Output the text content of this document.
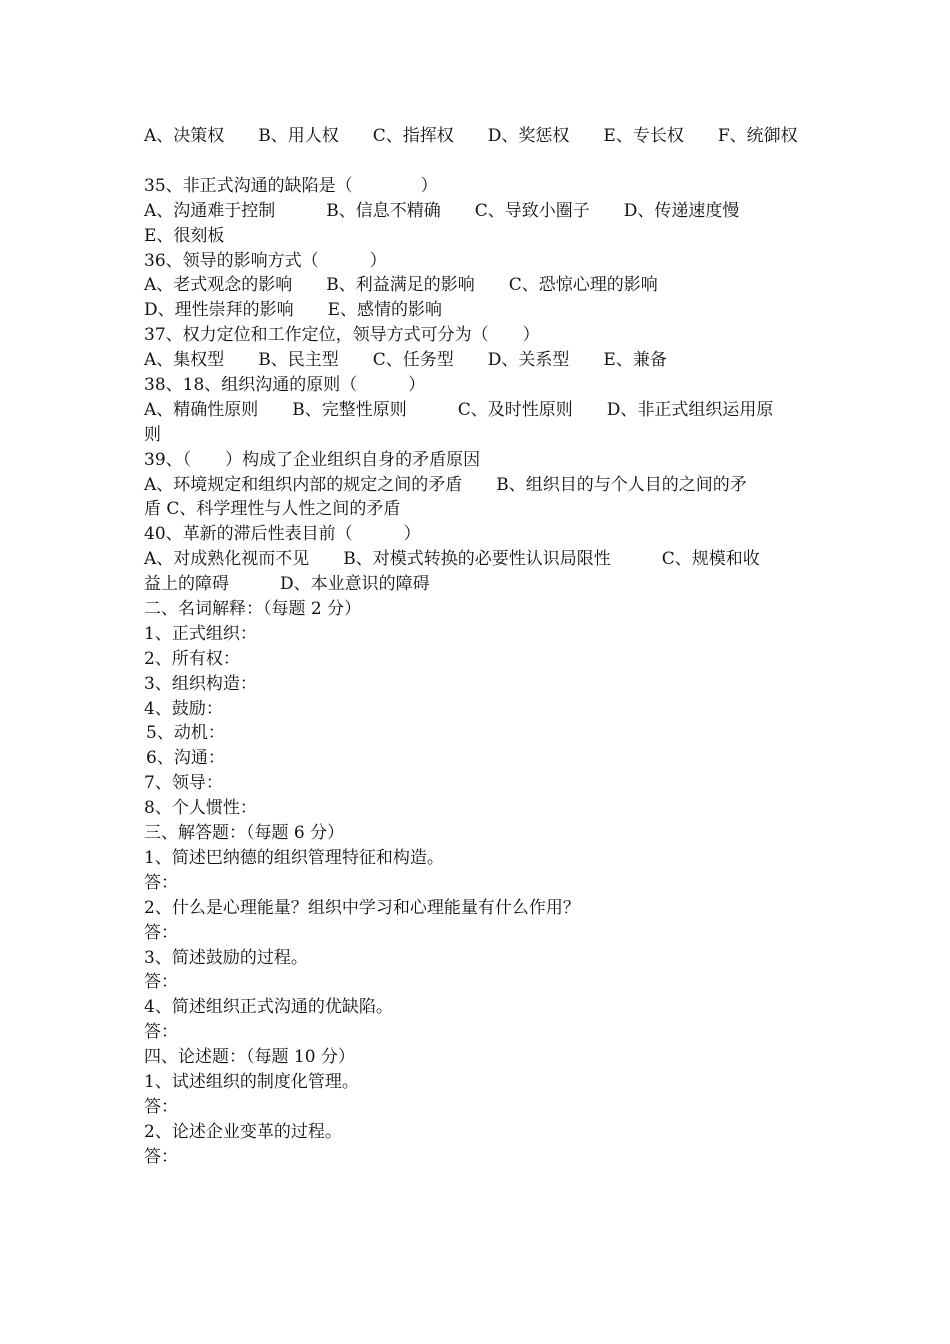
A、决策权　　B、用人权　　C、指挥权　　D、奖惩权　　E、专长权　　F、统御权
35、非正式沟通的缺陷是（　　　　）
A、沟通难于控制　　　B、信息不精确　　C、导致小圈子　　D、传递速度慢
E、很刻板
36、领导的影响方式（　　　）
A、老式观念的影响　　B、利益满足的影响　　C、恐惊心理的影响
D、理性崇拜的影响　　E、感情的影响
37、权力定位和工作定位，领导方式可分为（　　）
A、集权型　　B、民主型　　C、任务型　　D、关系型　　E、兼备
38、18、组织沟通的原则（　　　）
A、精确性原则　　B、完整性原则　　　C、及时性原则　　D、非正式组织运用原
则
39、（　　）构成了企业组织自身的矛盾原因
A、环境规定和组织内部的规定之间的矛盾　　B、组织目的与个人目的之间的矛
盾 C、科学理性与人性之间的矛盾
40、革新的滞后性表目前（　　　）
A、对成熟化视而不见　　B、对模式转换的必要性认识局限性　　　C、规模和收
益上的障碍　　　D、本业意识的障碍
二、名词解释：（每题 2 分）
1、正式组织：
2、所有权：
3、组织构造：
4、鼓励：
5、动机：
6、沟通：
7、领导：
8、个人惯性：
三、解答题：（每题 6 分）
1、简述巴纳德的组织管理特征和构造。
答：
2、什么是心理能量？组织中学习和心理能量有什么作用？
答：
3、简述鼓励的过程。
答：
4、简述组织正式沟通的优缺陷。
答：
四、论述题：（每题 10 分）
1、试述组织的制度化管理。
答：
2、论述企业变革的过程。
答：
